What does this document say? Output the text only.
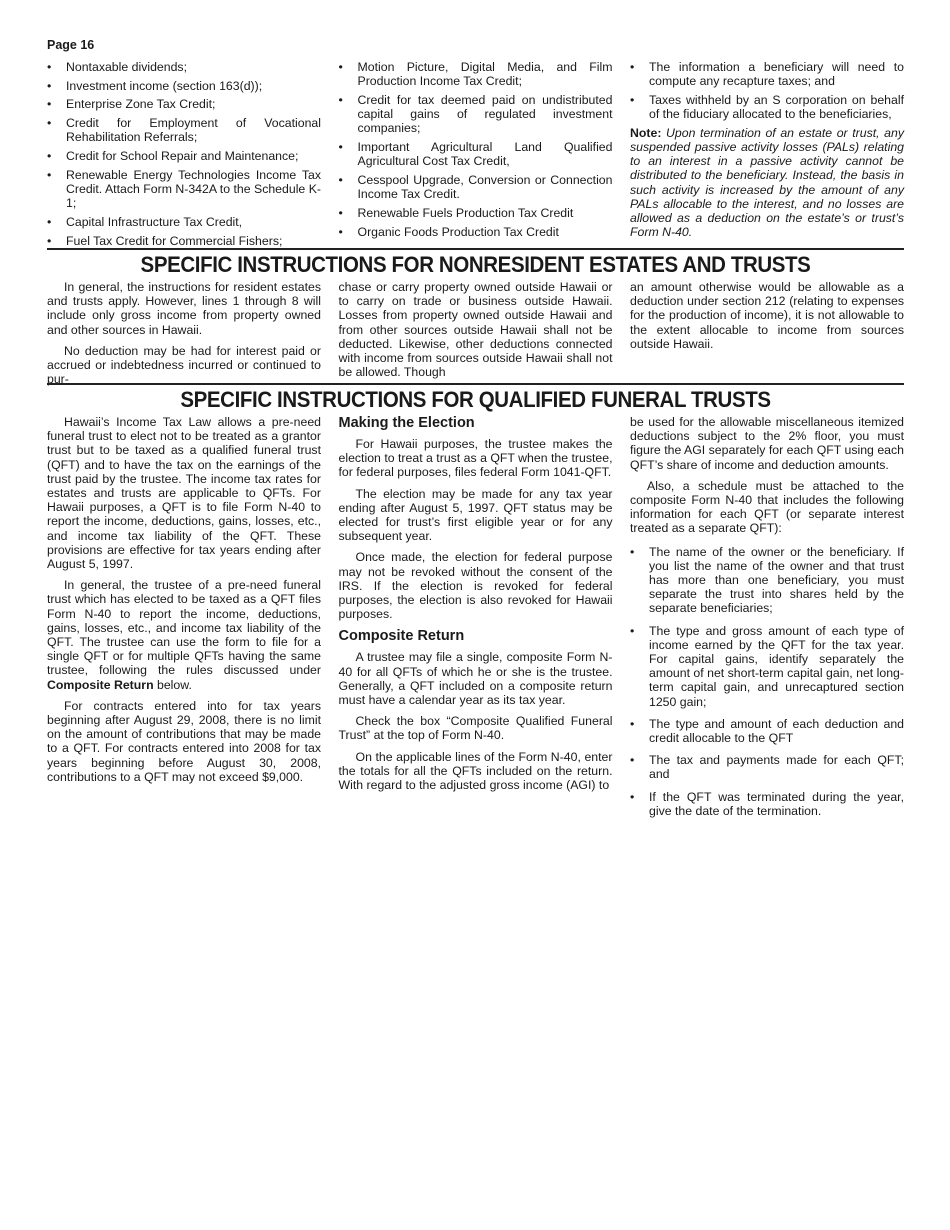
Page 16
• Nontaxable dividends;
• Investment income (section 163(d));
• Enterprise Zone Tax Credit;
• Credit for Employment of Vocational Rehabilitation Referrals;
• Credit for School Repair and Maintenance;
• Renewable Energy Technologies Income Tax Credit. Attach Form N-342A to the Schedule K-1;
• Capital Infrastructure Tax Credit,
• Fuel Tax Credit for Commercial Fishers;
• Motion Picture, Digital Media, and Film Production Income Tax Credit;
• Credit for tax deemed paid on undistributed capital gains of regulated investment companies;
• Important Agricultural Land Qualified Agricultural Cost Tax Credit,
• Cesspool Upgrade, Conversion or Connection Income Tax Credit.
• Renewable Fuels Production Tax Credit
• Organic Foods Production Tax Credit
• The information a beneficiary will need to compute any recapture taxes; and
• Taxes withheld by an S corporation on behalf of the fiduciary allocated to the beneficiaries,

Note: Upon termination of an estate or trust, any suspended passive activity losses (PALs) relating to an interest in a passive activity cannot be distributed to the beneficiary. Instead, the basis in such activity is increased by the amount of any PALs allocable to the interest, and no losses are allowed as a deduction on the estate’s or trust’s Form N-40.

SPECIFIC INSTRUCTIONS FOR NONRESIDENT ESTATES AND TRUSTS

In general, the instructions for resident estates and trusts apply. However, lines 1 through 8 will include only gross income from property owned and other sources in Hawaii.

No deduction may be had for interest paid or accrued or indebtedness incurred or continued to pur-

chase or carry property owned outside Hawaii or to carry on trade or business outside Hawaii. Losses from property owned outside Hawaii and from other sources outside Hawaii shall not be deducted. Likewise, other deductions connected with income from sources outside Hawaii shall not be allowed. Though

an amount otherwise would be allowable as a deduction under section 212 (relating to expenses for the production of income), it is not allowable to the extent allocable to income from sources outside Hawaii.

SPECIFIC INSTRUCTIONS FOR QUALIFIED FUNERAL TRUSTS

Hawaii’s Income Tax Law allows a pre-need funeral trust to elect not to be treated as a grantor trust but to be taxed as a qualified funeral trust (QFT) and to have the tax on the earnings of the trust paid by the trustee. The income tax rates for estates and trusts are applicable to QFTs. For Hawaii purposes, a QFT is to file Form N-40 to report the income, deductions, gains, losses, etc., and income tax liability of the QFT. These provisions are effective for tax years ending after August 5, 1997.

In general, the trustee of a pre-need funeral trust which has elected to be taxed as a QFT files Form N-40 to report the income, deductions, gains, losses, etc., and income tax liability of the QFT. The trustee can use the form to file for a single QFT or for multiple QFTs having the same trustee, following the rules discussed under Composite Return below.

For contracts entered into for tax years beginning after August 29, 2008, there is no limit on the amount of contributions that may be made to a QFT. For contracts entered into 2008 for tax years beginning before August 30, 2008, contributions to a QFT may not exceed $9,000.

Making the Election

For Hawaii purposes, the trustee makes the election to treat a trust as a QFT when the trustee, for federal purposes, files federal Form 1041-QFT.

The election may be made for any tax year ending after August 5, 1997. QFT status may be elected for trust’s first eligible year or for any subsequent year.

Once made, the election for federal purpose may not be revoked without the consent of the IRS. If the election is revoked for federal purposes, the election is also revoked for Hawaii purposes.

Composite Return

A trustee may file a single, composite Form N-40 for all QFTs of which he or she is the trustee. Generally, a QFT included on a composite return must have a calendar year as its tax year.

Check the box “Composite Qualified Funeral Trust” at the top of Form N-40.

On the applicable lines of the Form N-40, enter the totals for all the QFTs included on the return. With regard to the adjusted gross income (AGI) to

be used for the allowable miscellaneous itemized deductions subject to the 2% floor, you must figure the AGI separately for each QFT using each QFT’s share of income and deduction amounts.

Also, a schedule must be attached to the composite Form N-40 that includes the following information for each QFT (or separate interest treated as a separate QFT):

• The name of the owner or the beneficiary. If you list the name of the owner and that trust has more than one beneficiary, you must separate the trust into shares held by the separate beneficiaries;
• The type and gross amount of each type of income earned by the QFT for the tax year. For capital gains, identify separately the amount of net short-term capital gain, net long-term capital gain, and unrecaptured section 1250 gain;
• The type and amount of each deduction and credit allocable to the QFT
• The tax and payments made for each QFT; and
• If the QFT was terminated during the year, give the date of the termination.
